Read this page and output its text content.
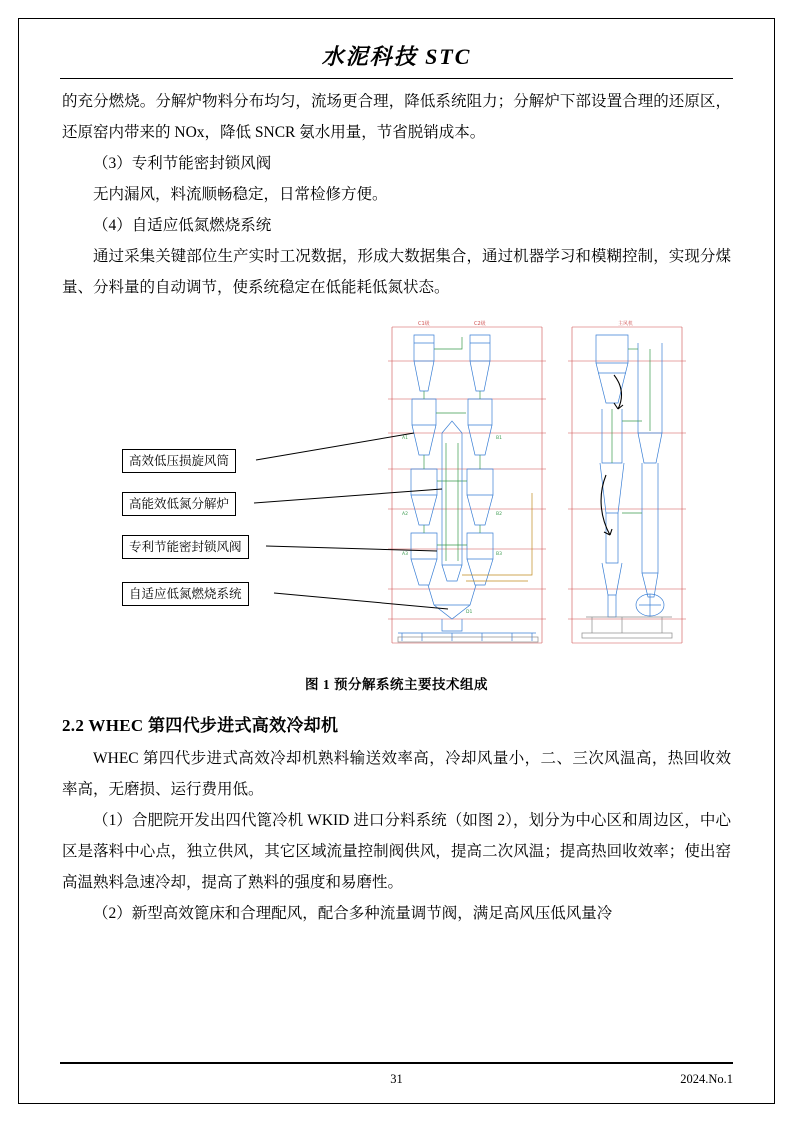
水泥科技 STC

的充分燃烧。分解炉物料分布均匀，流场更合理，降低系统阻力；分解炉下部设置合理的还原区，还原窑内带来的 NOx，降低 SNCR 氨水用量，节省脱销成本。

（3）专利节能密封锁风阀

无内漏风，料流顺畅稳定，日常检修方便。

（4）自适应低氮燃烧系统

通过采集关键部位生产实时工况数据，形成大数据集合，通过机器学习和模糊控制，实现分煤量、分料量的自动调节，使系统稳定在低能耗低氮状态。

C1级	C2级	主风机
A1
A2
A3
B1
B2
B3
D1
高效低压损旋风筒
高能效低氮分解炉
专利节能密封锁风阀
自适应低氮燃烧系统
图 1 预分解系统主要技术组成
2.2 WHEC 第四代步进式高效冷却机

WHEC 第四代步进式高效冷却机熟料输送效率高，冷却风量小，二、三次风温高，热回收效率高，无磨损、运行费用低。

（1）合肥院开发出四代篦冷机 WKID 进口分料系统（如图 2），划分为中心区和周边区，中心区是落料中心点，独立供风，其它区域流量控制阀供风，提高二次风温；提高热回收效率；使出窑高温熟料急速冷却，提高了熟料的强度和易磨性。

（2）新型高效篦床和合理配风，配合多种流量调节阀，满足高风压低风量冷

31	2024.No.1
